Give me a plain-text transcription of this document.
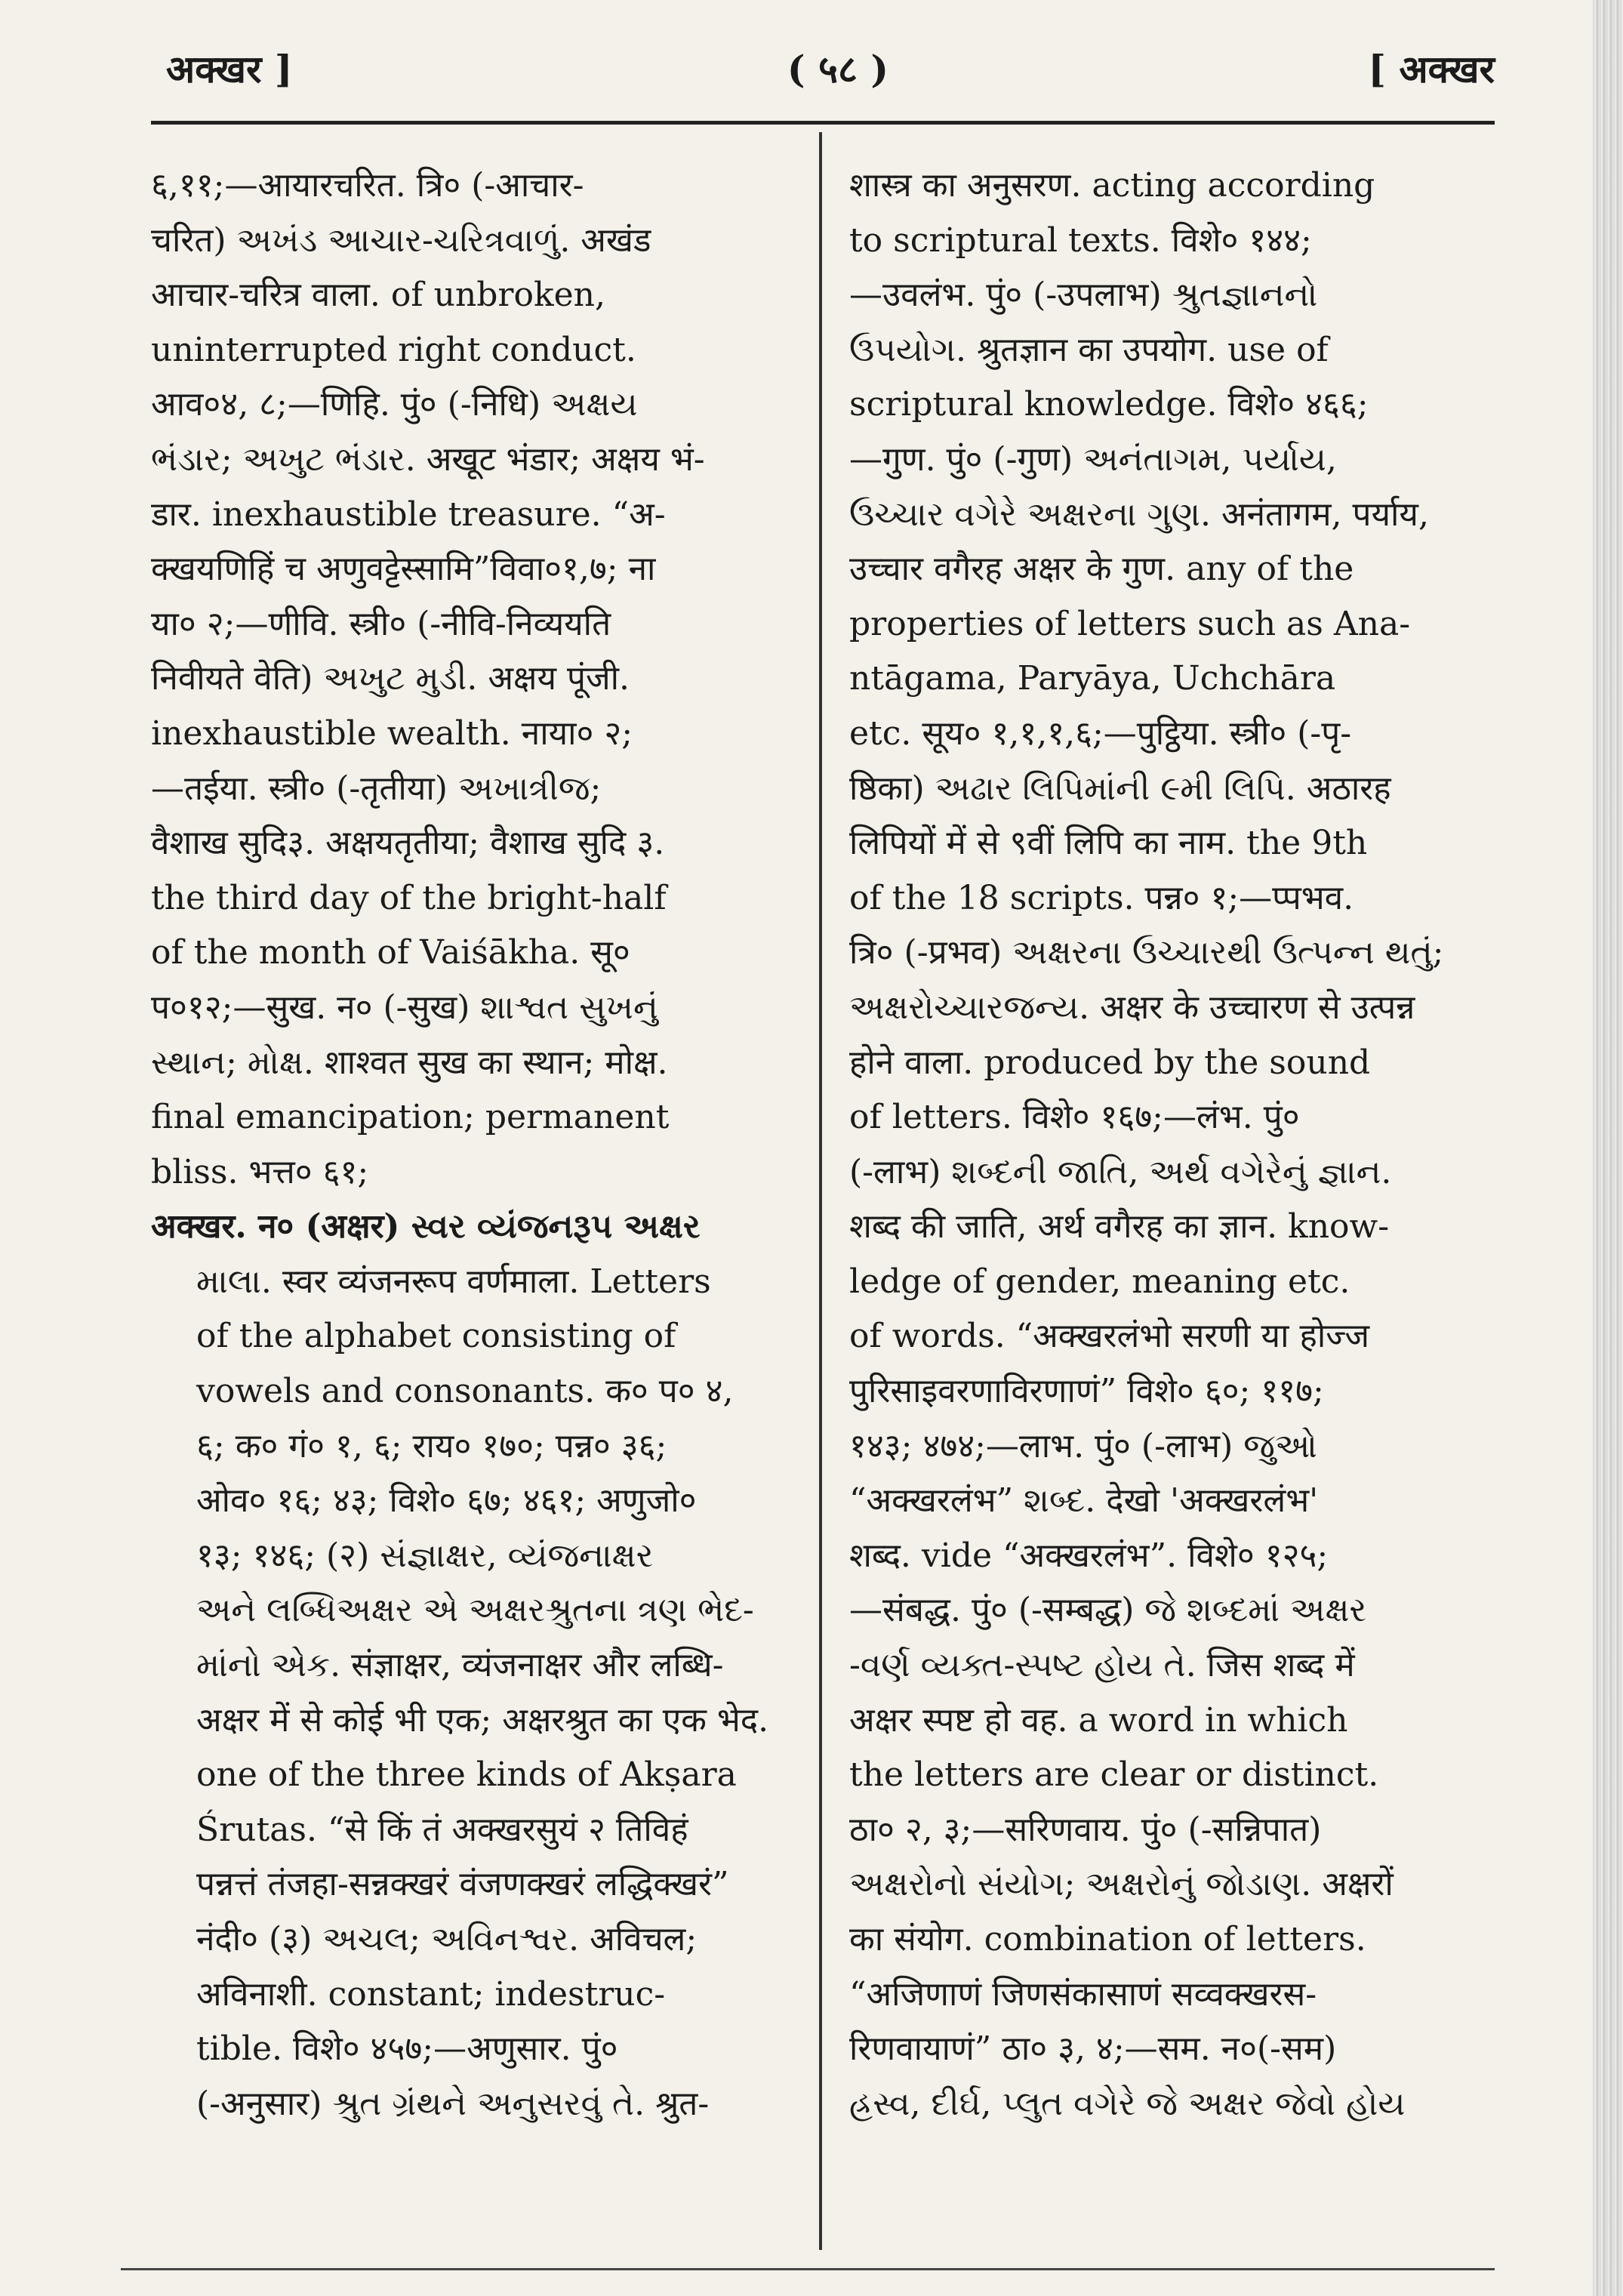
अक्खर ]	( ५८ )	[ अक्खर
६,११;—आयारचरित. त्रि० (-आचार-
चरित) અખંડ આચાર-ચરિત્રવાળું. अखंड
आचार-चरित्र वाला. of unbroken,
uninterrupted right conduct.
आव०४, ८;—णिहि. पुं० (-निधि) અક્ષય
ભંડાર; અખુટ ભંડાર. अखूट भंडार; अक्षय भं-
डार. inexhaustible treasure. “अ-
क्खयणिहिं च अणुवट्टेस्सामि”विवा०१,७; ना
या० २;—णीवि. स्त्री० (-नीवि-निव्ययति
निवीयते वेति) અખુટ મુડી. अक्षय पूंजी.
inexhaustible wealth. नाया० २;
—तईया. स्त्री० (-तृतीया) અખાત્રીજ;
वैशाख सुदि३. अक्षयतृतीया; वैशाख सुदि ३.
the third day of the bright-half
of the month of Vaiśākha. सू०
प०१२;—सुख. न० (-सुख) શાશ્વત સુખનું
સ્થાન; મોક્ષ. शाश्वत सुख का स्थान; मोक्ष.
final emancipation; permanent
bliss. भत्त० ६१;
अक्खर. न० (अक्षर) સ્વર વ્યંજનરૂપ અક્ષર
માલા. स्वर व्यंजनरूप वर्णमाला. Letters
of the alphabet consisting of
vowels and consonants. क० प० ४,
६; क० गं० १, ६; राय० १७०; पन्न० ३६;
ओव० १६; ४३; विशे० ६७; ४६१; अणुजो०
१३; १४६; (२) સંજ્ઞાક્ષર, વ્યંજનાક્ષર
અને લબ્ધિઅક્ષર એ અક્ષરશ્રુતના ત્રણ ભેદ-
માંનો એક. संज्ञाक्षर, व्यंजनाक्षर और लब्धि-
अक्षर में से कोई भी एक; अक्षरश्रुत का एक भेद.
one of the three kinds of Akṣara
Śrutas. “से किं तं अक्खरसुयं २ तिविहं
पन्नत्तं तंजहा-सन्नक्खरं वंजणक्खरं लद्धिक्खरं”
नंदी० (३) અચલ; અવિનશ્વર. अविचल;
अविनाशी. constant; indestruc-
tible. विशे० ४५७;—अणुसार. पुं०
(-अनुसार) શ્રુત ગ્રંથને અનુસરવું તે. श्रुत-
शास्त्र का अनुसरण. acting according
to scriptural texts. विशे० १४४;
—उवलंभ. पुं० (-उपलाभ) શ્રુતજ્ઞાનનો
ઉપયોગ. श्रुतज्ञान का उपयोग. use of
scriptural knowledge. विशे० ४६६;
—गुण. पुं० (-गुण) અનંતાગમ, પર્યાય,
ઉચ્ચાર વગેરે અક્ષરના ગુણ. अनंतागम, पर्याय,
उच्चार वगैरह अक्षर के गुण. any of the
properties of letters such as Ana-
ntāgama, Paryāya, Uchchāra
etc. सूय० १,१,१,६;—पुट्ठिया. स्त्री० (-पृ-
ष्ठिका) અઢાર લિપિમાંની ૯મી લિપિ. अठारह
लिपियों में से ९वीं लिपि का नाम. the 9th
of the 18 scripts. पन्न० १;—प्पभव.
त्रि० (-प्रभव) અક્ષરના ઉચ્ચારથી ઉત્પન્ન થતું;
અક્ષરોચ્ચારજન્ય. अक्षर के उच्चारण से उत्पन्न
होने वाला. produced by the sound
of letters. विशे० १६७;—लंभ. पुं०
(-लाभ) શબ્દની જાતિ, અર્થ વગેરેનું જ્ઞાન.
शब्द की जाति, अर्थ वगैरह का ज्ञान. know-
ledge of gender, meaning etc.
of words. “अक्खरलंभो सरणी या होज्ज
पुरिसाइवरणाविरणाणं” विशे० ६०; ११७;
१४३; ४७४;—लाभ. पुं० (-लाभ) જુઓ
“अक्खरलंभ” શબ્દ. देखो 'अक्खरलंभ'
शब्द. vide “अक्खरलंभ”. विशे० १२५;
—संबद्ध. पुं० (-सम्बद्ध) જે શબ્દમાં અક્ષર
-વર્ણ વ્યક્ત-સ્પષ્ટ હોય તે. जिस शब्द में
अक्षर स्पष्ट हो वह. a word in which
the letters are clear or distinct.
ठा० २, ३;—सरिणवाय. पुं० (-सन्निपात)
અક્ષરોનો સંયોગ; અક્ષરોનું જોડાણ. अक्षरों
का संयोग. combination of letters.
“अजिणाणं जिणसंकासाणं सव्वक्खरस-
रिणवायाणं” ठा० ३, ४;—सम. न०(-सम)
હ્રસ્વ, દીર્ઘ, પ્લુત વગેરે જે અક્ષર જેવો હોય
